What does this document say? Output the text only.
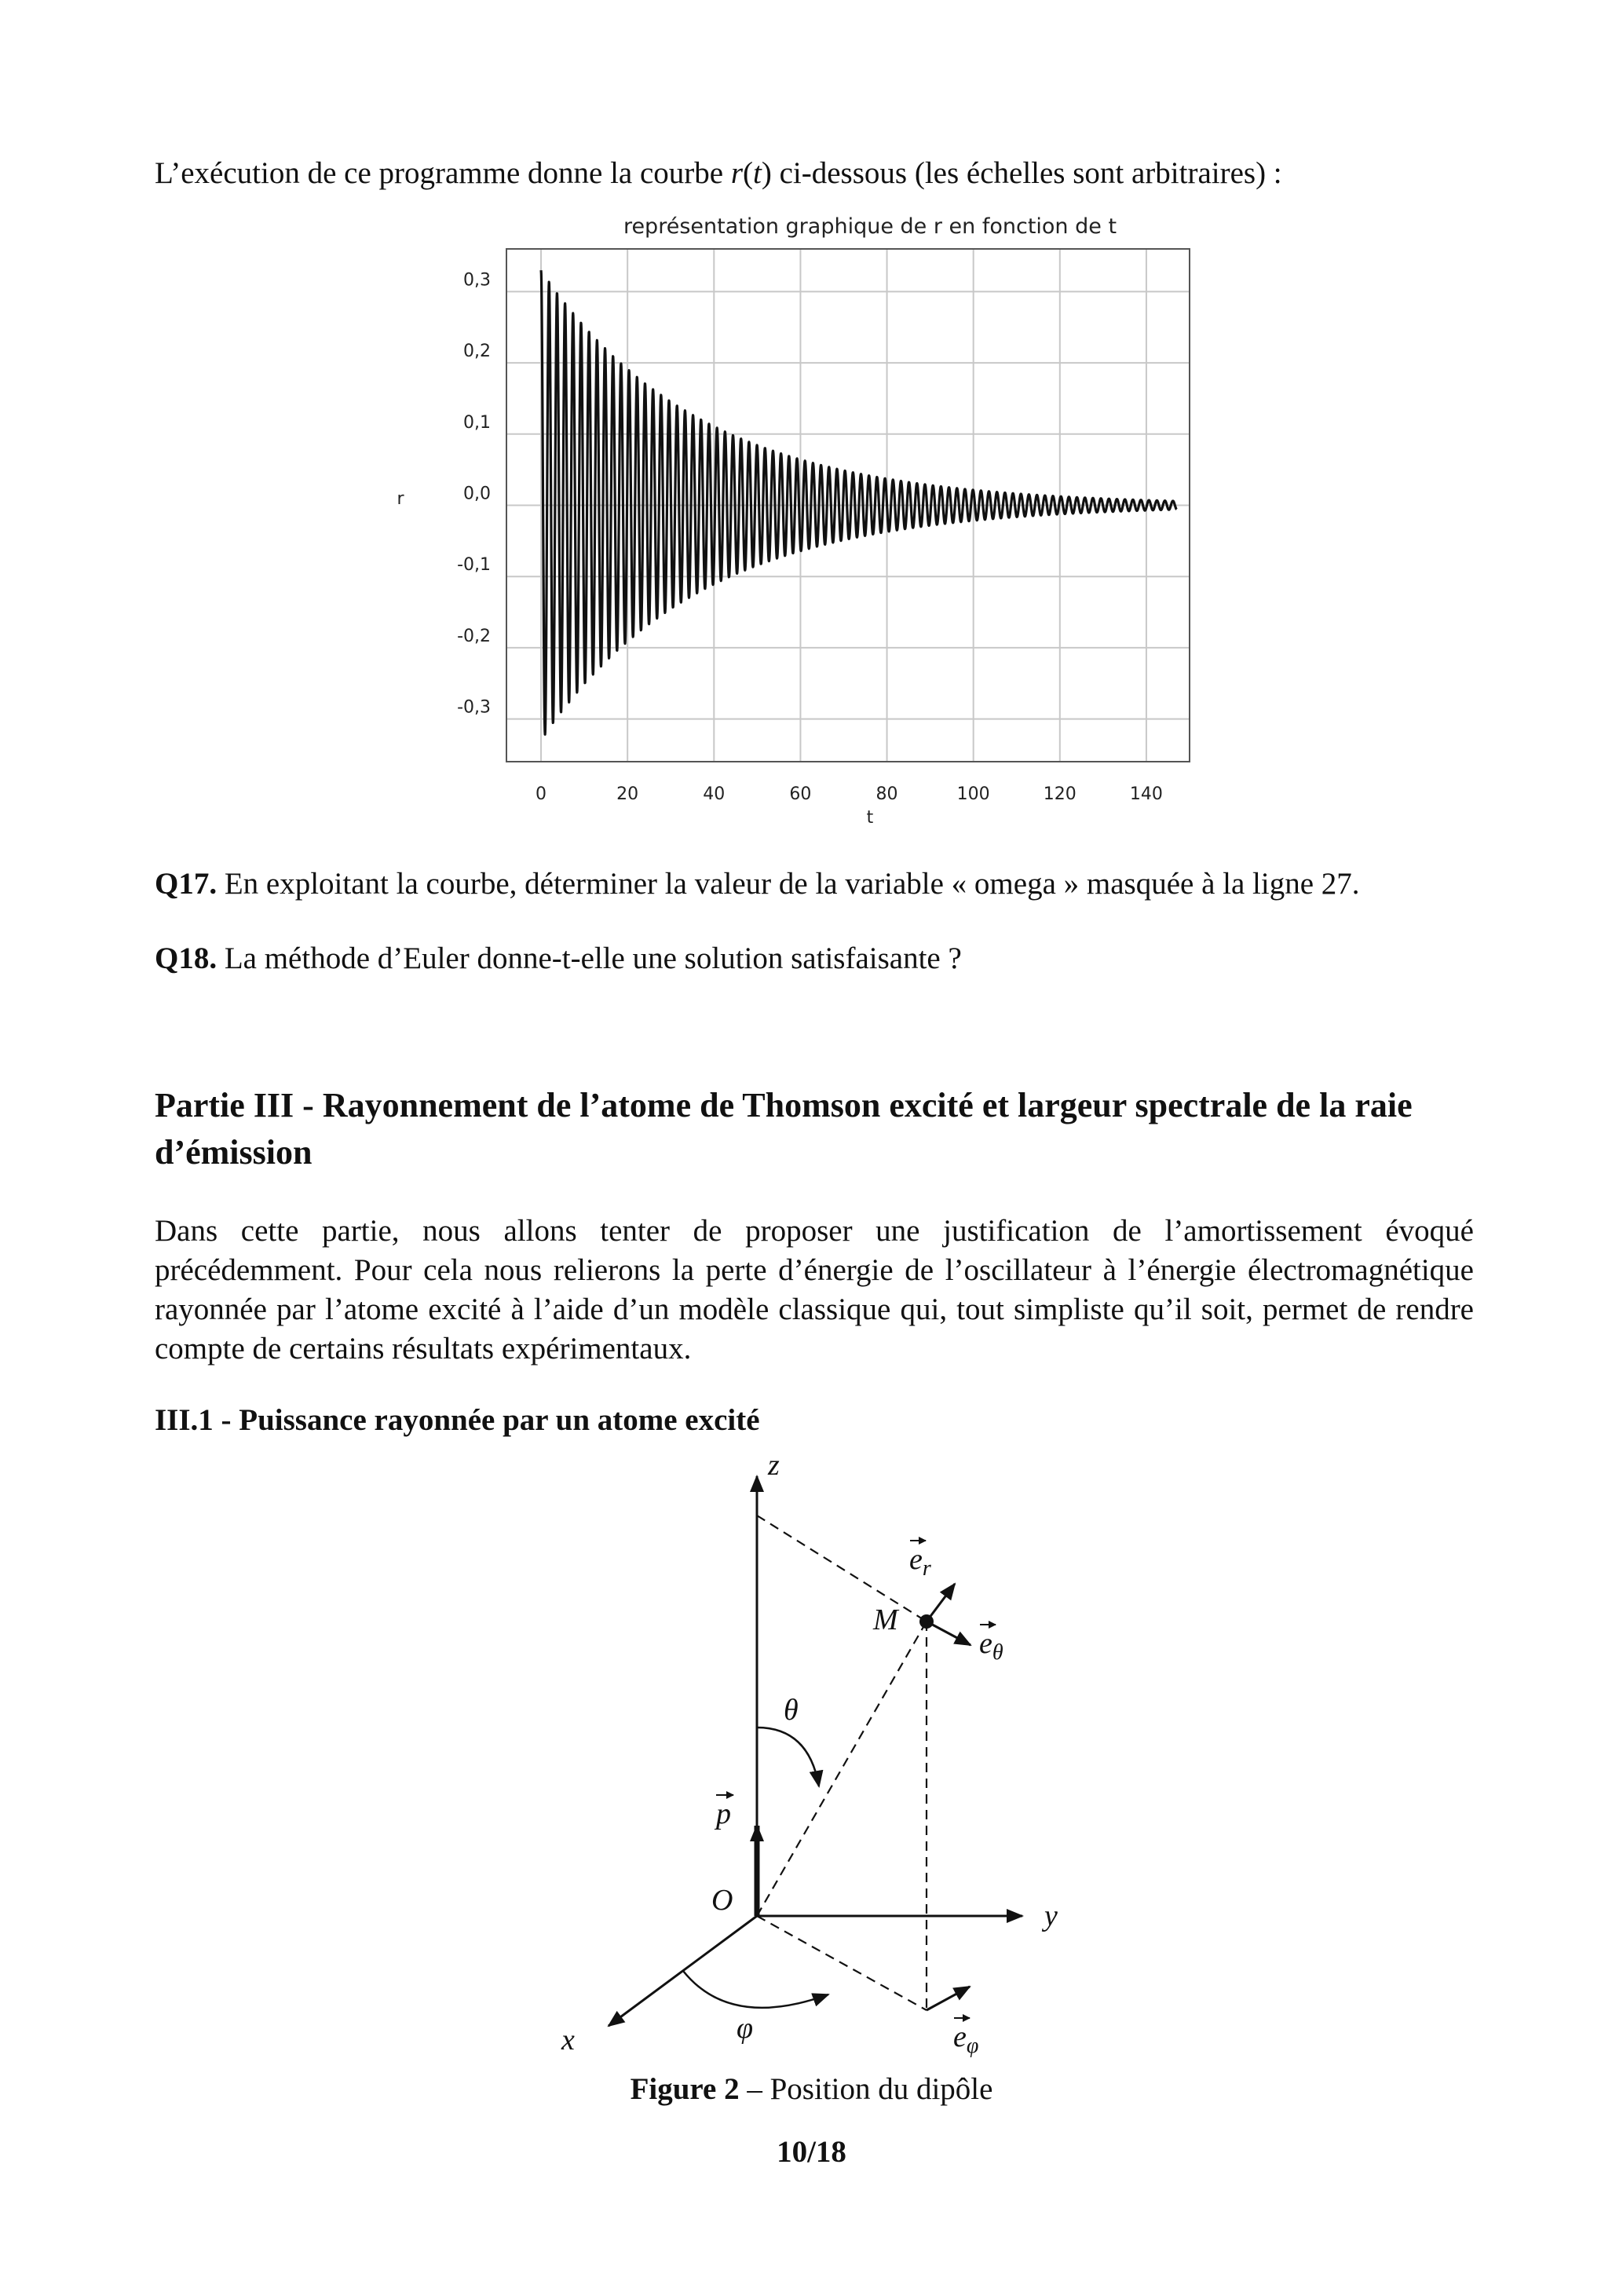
L’exécution de ce programme donne la courbe r(t) ci-dessous (les échelles sont arbitraires) :
représentation graphique de r en fonction de t
0,3
0,2
0,1
0,0
-0,1
-0,2
-0,3
0	20	40	60	80	100	120	140
r
t
Q17. En exploitant la courbe, déterminer la valeur de la variable « omega » masquée à la ligne 27.
Q18. La méthode d’Euler donne-t-elle une solution satisfaisante ?
Partie III - Rayonnement de l’atome de Thomson excité et largeur spectrale de la raie d’émission
Dans cette partie, nous allons tenter de proposer une justification de l’amortissement évoqué précédemment. Pour cela nous relierons la perte d’énergie de l’oscillateur à l’énergie électromagnétique rayonnée par l’atome excité à l’aide d’un modèle classique qui, tout simpliste qu’il soit, permet de rendre compte de certains résultats expérimentaux.
III.1 - Puissance rayonnée par un atome excité
z
y
x
O
M
θ
φ
p
$e_r$
$e_\theta$
$e_\varphi$
Figure 2 – Position du dipôle
10/18
